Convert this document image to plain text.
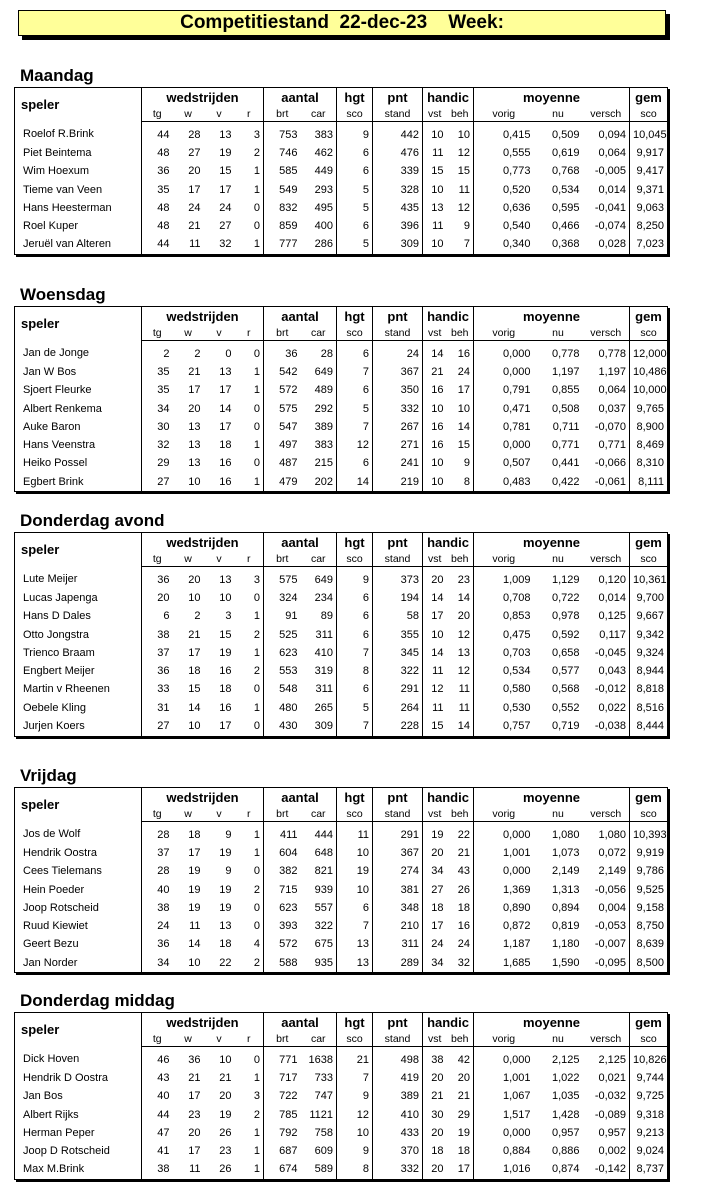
Competitiestand  22-dec-23    Week:
Maandag
speler	wedstrijden				aantal		hgt	pnt	handic		moyenne			gem
	tg	w	v	r	brt	car	sco	stand	vst	beh	vorig	nu	versch	sco
Roelof R.Brink	44	28	13	3	753	383	9	442	10	10	0,415	0,509	0,094	10,045
Piet Beintema	48	27	19	2	746	462	6	476	11	12	0,555	0,619	0,064	9,917
Wim Hoexum	36	20	15	1	585	449	6	339	15	15	0,773	0,768	-0,005	9,417
Tieme van Veen	35	17	17	1	549	293	5	328	10	11	0,520	0,534	0,014	9,371
Hans Heesterman	48	24	24	0	832	495	5	435	13	12	0,636	0,595	-0,041	9,063
Roel Kuper	48	21	27	0	859	400	6	396	11	9	0,540	0,466	-0,074	8,250
Jeruël van Alteren	44	11	32	1	777	286	5	309	10	7	0,340	0,368	0,028	7,023
Woensdag
speler	wedstrijden				aantal		hgt	pnt	handic		moyenne			gem
	tg	w	v	r	brt	car	sco	stand	vst	beh	vorig	nu	versch	sco
Jan de Jonge	2	2	0	0	36	28	6	24	14	16	0,000	0,778	0,778	12,000
Jan W Bos	35	21	13	1	542	649	7	367	21	24	0,000	1,197	1,197	10,486
Sjoert Fleurke	35	17	17	1	572	489	6	350	16	17	0,791	0,855	0,064	10,000
Albert Renkema	34	20	14	0	575	292	5	332	10	10	0,471	0,508	0,037	9,765
Auke Baron	30	13	17	0	547	389	7	267	16	14	0,781	0,711	-0,070	8,900
Hans Veenstra	32	13	18	1	497	383	12	271	16	15	0,000	0,771	0,771	8,469
Heiko Possel	29	13	16	0	487	215	6	241	10	9	0,507	0,441	-0,066	8,310
Egbert Brink	27	10	16	1	479	202	14	219	10	8	0,483	0,422	-0,061	8,111
Donderdag avond
speler	wedstrijden				aantal		hgt	pnt	handic		moyenne			gem
	tg	w	v	r	brt	car	sco	stand	vst	beh	vorig	nu	versch	sco
Lute Meijer	36	20	13	3	575	649	9	373	20	23	1,009	1,129	0,120	10,361
Lucas Japenga	20	10	10	0	324	234	6	194	14	14	0,708	0,722	0,014	9,700
Hans D Dales	6	2	3	1	91	89	6	58	17	20	0,853	0,978	0,125	9,667
Otto Jongstra	38	21	15	2	525	311	6	355	10	12	0,475	0,592	0,117	9,342
Trienco Braam	37	17	19	1	623	410	7	345	14	13	0,703	0,658	-0,045	9,324
Engbert Meijer	36	18	16	2	553	319	8	322	11	12	0,534	0,577	0,043	8,944
Martin v Rheenen	33	15	18	0	548	311	6	291	12	11	0,580	0,568	-0,012	8,818
Oebele Kling	31	14	16	1	480	265	5	264	11	11	0,530	0,552	0,022	8,516
Jurjen Koers	27	10	17	0	430	309	7	228	15	14	0,757	0,719	-0,038	8,444
Vrijdag
speler	wedstrijden				aantal		hgt	pnt	handic		moyenne			gem
	tg	w	v	r	brt	car	sco	stand	vst	beh	vorig	nu	versch	sco
Jos de Wolf	28	18	9	1	411	444	11	291	19	22	0,000	1,080	1,080	10,393
Hendrik Oostra	37	17	19	1	604	648	10	367	20	21	1,001	1,073	0,072	9,919
Cees Tielemans	28	19	9	0	382	821	19	274	34	43	0,000	2,149	2,149	9,786
Hein Poeder	40	19	19	2	715	939	10	381	27	26	1,369	1,313	-0,056	9,525
Joop Rotscheid	38	19	19	0	623	557	6	348	18	18	0,890	0,894	0,004	9,158
Ruud Kiewiet	24	11	13	0	393	322	7	210	17	16	0,872	0,819	-0,053	8,750
Geert Bezu	36	14	18	4	572	675	13	311	24	24	1,187	1,180	-0,007	8,639
Jan Norder	34	10	22	2	588	935	13	289	34	32	1,685	1,590	-0,095	8,500
Donderdag middag
speler	wedstrijden				aantal		hgt	pnt	handic		moyenne			gem
	tg	w	v	r	brt	car	sco	stand	vst	beh	vorig	nu	versch	sco
Dick Hoven	46	36	10	0	771	1638	21	498	38	42	0,000	2,125	2,125	10,826
Hendrik D Oostra	43	21	21	1	717	733	7	419	20	20	1,001	1,022	0,021	9,744
Jan Bos	40	17	20	3	722	747	9	389	21	21	1,067	1,035	-0,032	9,725
Albert Rijks	44	23	19	2	785	1121	12	410	30	29	1,517	1,428	-0,089	9,318
Herman Peper	47	20	26	1	792	758	10	433	20	19	0,000	0,957	0,957	9,213
Joop D Rotscheid	41	17	23	1	687	609	9	370	18	18	0,884	0,886	0,002	9,024
Max M.Brink	38	11	26	1	674	589	8	332	20	17	1,016	0,874	-0,142	8,737
